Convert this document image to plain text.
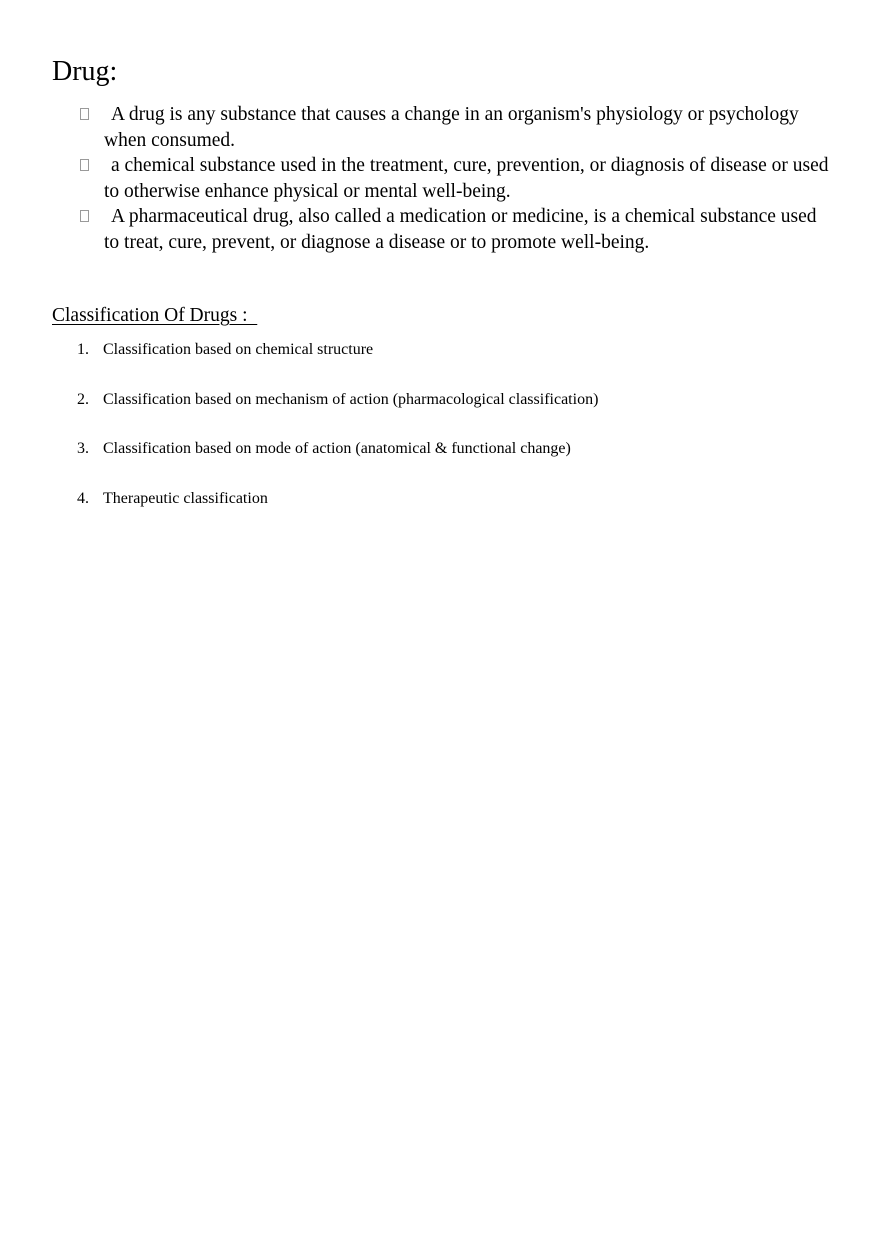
Drug:
A drug is any substance that causes a change in an organism's physiology or psychology when consumed.
a chemical substance used in the treatment, cure, prevention, or diagnosis of disease or used to otherwise enhance physical or mental well-being.
A pharmaceutical drug, also called a medication or medicine, is a chemical substance used to treat, cure, prevent, or diagnose a disease or to promote well-being.
Classification Of Drugs :
1. Classification based on chemical structure
2. Classification based on mechanism of action (pharmacological classification)
3. Classification based on mode of action (anatomical & functional change)
4. Therapeutic classification
